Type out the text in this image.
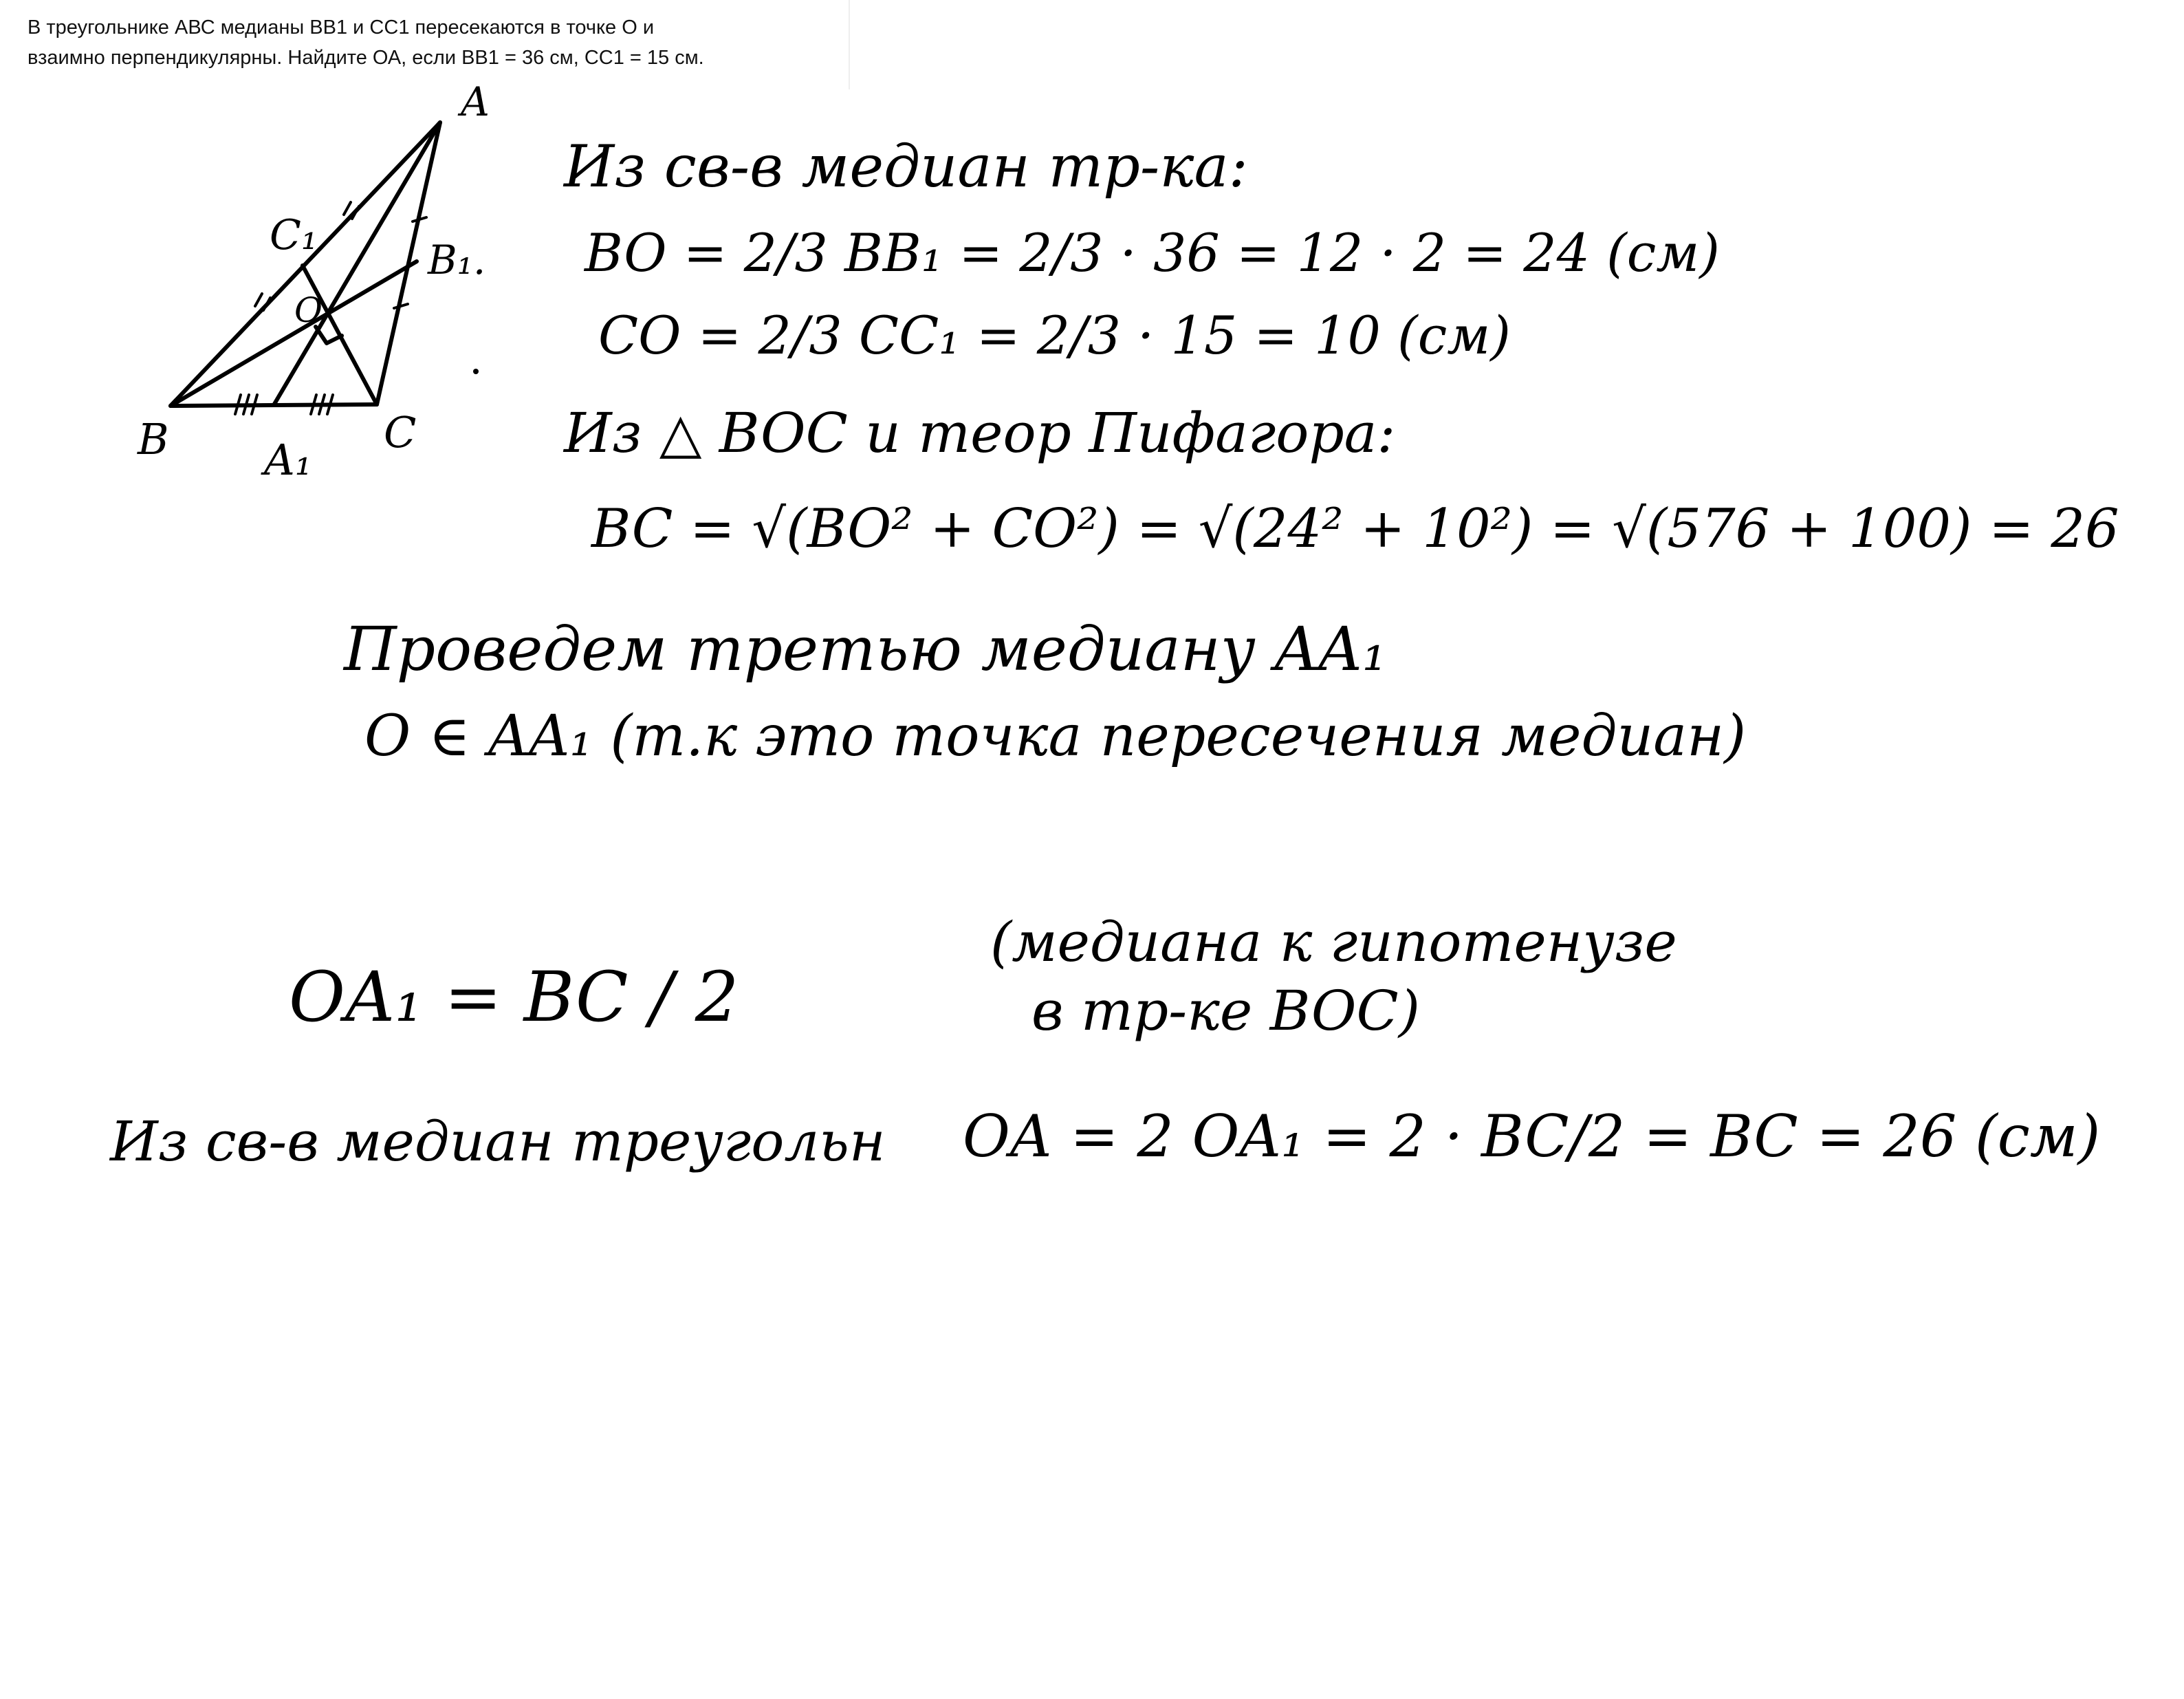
В треугольнике АВС медианы ВВ1 и СС1 пересекаются в точке О и
взаимно перпендикулярны. Найдите ОА, если ВВ1 = 36 см, СС1 = 15 см.
A
B	C
C₁
B₁.
O
A₁

Из св-в медиан тр-ка:

BO = 2/3 BB₁ = 2/3 · 36 = 12 · 2 = 24 (см)

CO = 2/3 CC₁ = 2/3 · 15 = 10 (см)

Из △ BOC и теор Пифагора:

BC = √(BO² + CO²) = √(24² + 10²) = √(576 + 100) = 26

Проведем третью медиану AA₁

O ∈ AA₁ (т.к это точка пересечения медиан)

OA₁ = BC / 2

(медиана к гипотенузе

в тр-ке BOC)

Из св-в медиан треугольн OA = 2 OA₁ = 2 · BC/2 = BC = 26 (см)
